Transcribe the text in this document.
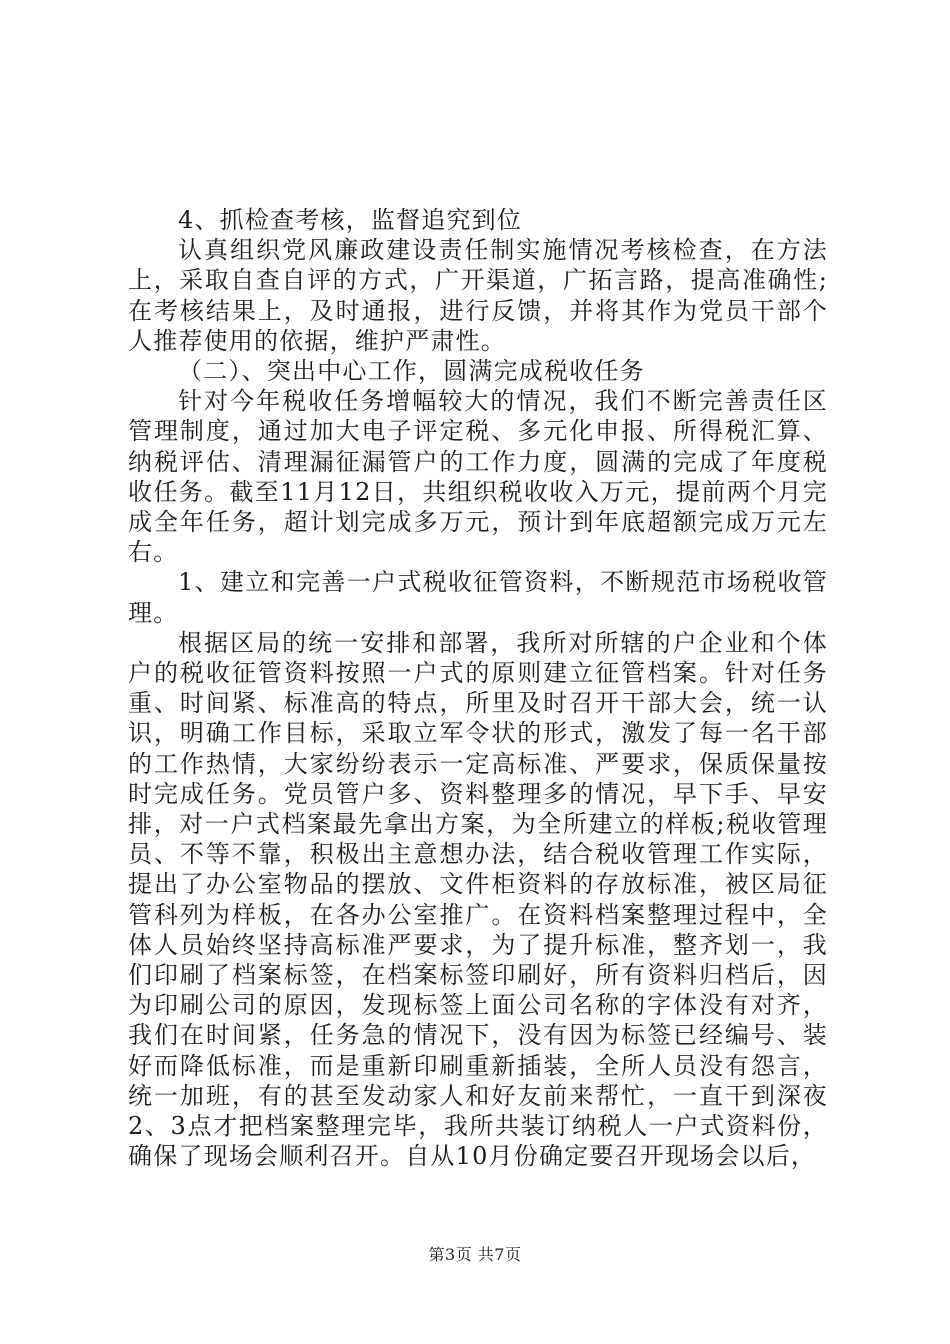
4、抓检查考核，监督追究到位

认真组织党风廉政建设责任制实施情况考核检查，在方法上，采取自查自评的方式，广开渠道，广拓言路，提高准确性;在考核结果上，及时通报，进行反馈，并将其作为党员干部个人推荐使用的依据，维护严肃性。

（二）、突出中心工作，圆满完成税收任务

针对今年税收任务增幅较大的情况，我们不断完善责任区管理制度，通过加大电子评定税、多元化申报、所得税汇算、纳税评估、清理漏征漏管户的工作力度，圆满的完成了年度税收任务。截至11月12日，共组织税收收入万元，提前两个月完成全年任务，超计划完成多万元，预计到年底超额完成万元左右。

1、建立和完善一户式税收征管资料，不断规范市场税收管理。

根据区局的统一安排和部署，我所对所辖的户企业和个体户的税收征管资料按照一户式的原则建立征管档案。针对任务重、时间紧、标准高的特点，所里及时召开干部大会，统一认识，明确工作目标，采取立军令状的形式，激发了每一名干部的工作热情，大家纷纷表示一定高标准、严要求，保质保量按时完成任务。党员管户多、资料整理多的情况，早下手、早安排，对一户式档案最先拿出方案，为全所建立的样板;税收管理员、不等不靠，积极出主意想办法，结合税收管理工作实际，提出了办公室物品的摆放、文件柜资料的存放标准，被区局征管科列为样板，在各办公室推广。在资料档案整理过程中，全体人员始终坚持高标准严要求，为了提升标准，整齐划一，我们印刷了档案标签，在档案标签印刷好，所有资料归档后，因为印刷公司的原因，发现标签上面公司名称的字体没有对齐，我们在时间紧，任务急的情况下，没有因为标签已经编号、装好而降低标准，而是重新印刷重新插装，全所人员没有怨言，统一加班，有的甚至发动家人和好友前来帮忙，一直干到深夜2、3点才把档案整理完毕，我所共装订纳税人一户式资料份，确保了现场会顺利召开。自从10月份确定要召开现场会以后，

第3页 共7页
